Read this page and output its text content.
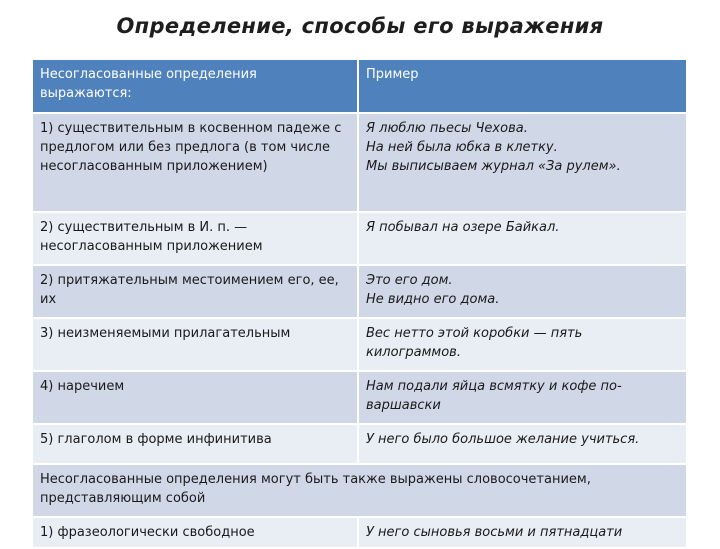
Определение, способы его выражения
Несогласованные определения выражаются:	Пример
1) существительным в косвенном падеже с предлогом или без предлога (в том числе несогласованным приложением)	Я люблю пьесы Чехова.
На ней была юбка в клетку.
Мы выписываем журнал «За рулем».
2) существительным в И. п. — несогласованным приложением	Я побывал на озере Байкал.
2) притяжательным местоимением его, ее, их	Это его дом.
Не видно его дома.
3) неизменяемыми прилагательным	Вес нетто этой коробки — пять килограммов.
4) наречием	Нам подали яйца всмятку и кофе по-варшавски
5) глаголом в форме инфинитива	У него было большое желание учиться.
Несогласованные определения могут быть также выражены словосочетанием, представляющим собой	
1) фразеологически свободное	У него сыновья восьми и пятнадцати
